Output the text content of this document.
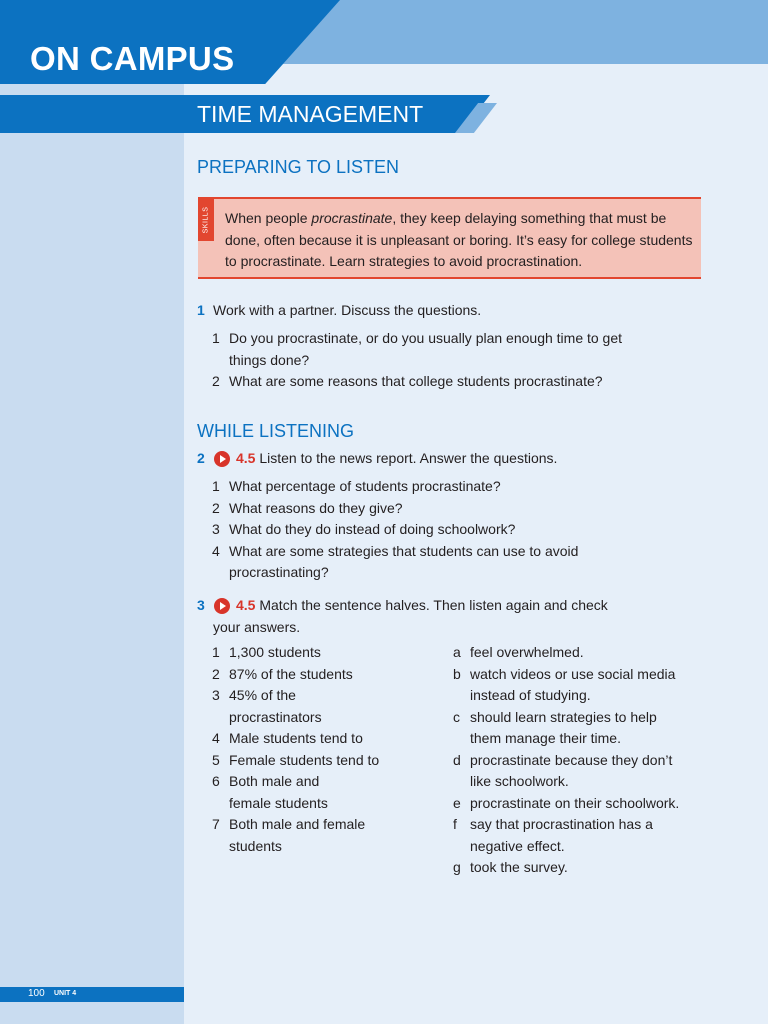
ON CAMPUS
TIME MANAGEMENT
PREPARING TO LISTEN
SKILLS When people procrastinate, they keep delaying something that must be done, often because it is unpleasant or boring. It’s easy for college students to procrastinate. Learn strategies to avoid procrastination.

1 Work with a partner. Discuss the questions.

1 Do you procrastinate, or do you usually plan enough time to get things done?
2 What are some reasons that college students procrastinate?
WHILE LISTENING
2 4.5 Listen to the news report. Answer the questions.

1 What percentage of students procrastinate?
2 What reasons do they give?
3 What do they do instead of doing schoolwork?
4 What are some strategies that students can use to avoid procrastinating?
3	4.5 Match the sentence halves. Then listen again and check your answers.

1 1,300 students
2 87% of the students
3 45% of the procrastinators
4 Male students tend to
5 Female students tend to
6 Both male and female students
7 Both male and female students
a feel overwhelmed.
b watch videos or use social media instead of studying.
c should learn strategies to help them manage their time.
d procrastinate because they don’t like schoolwork.
e procrastinate on their schoolwork.
f say that procrastination has a negative effect.
g took the survey.
100 UNIT 4
